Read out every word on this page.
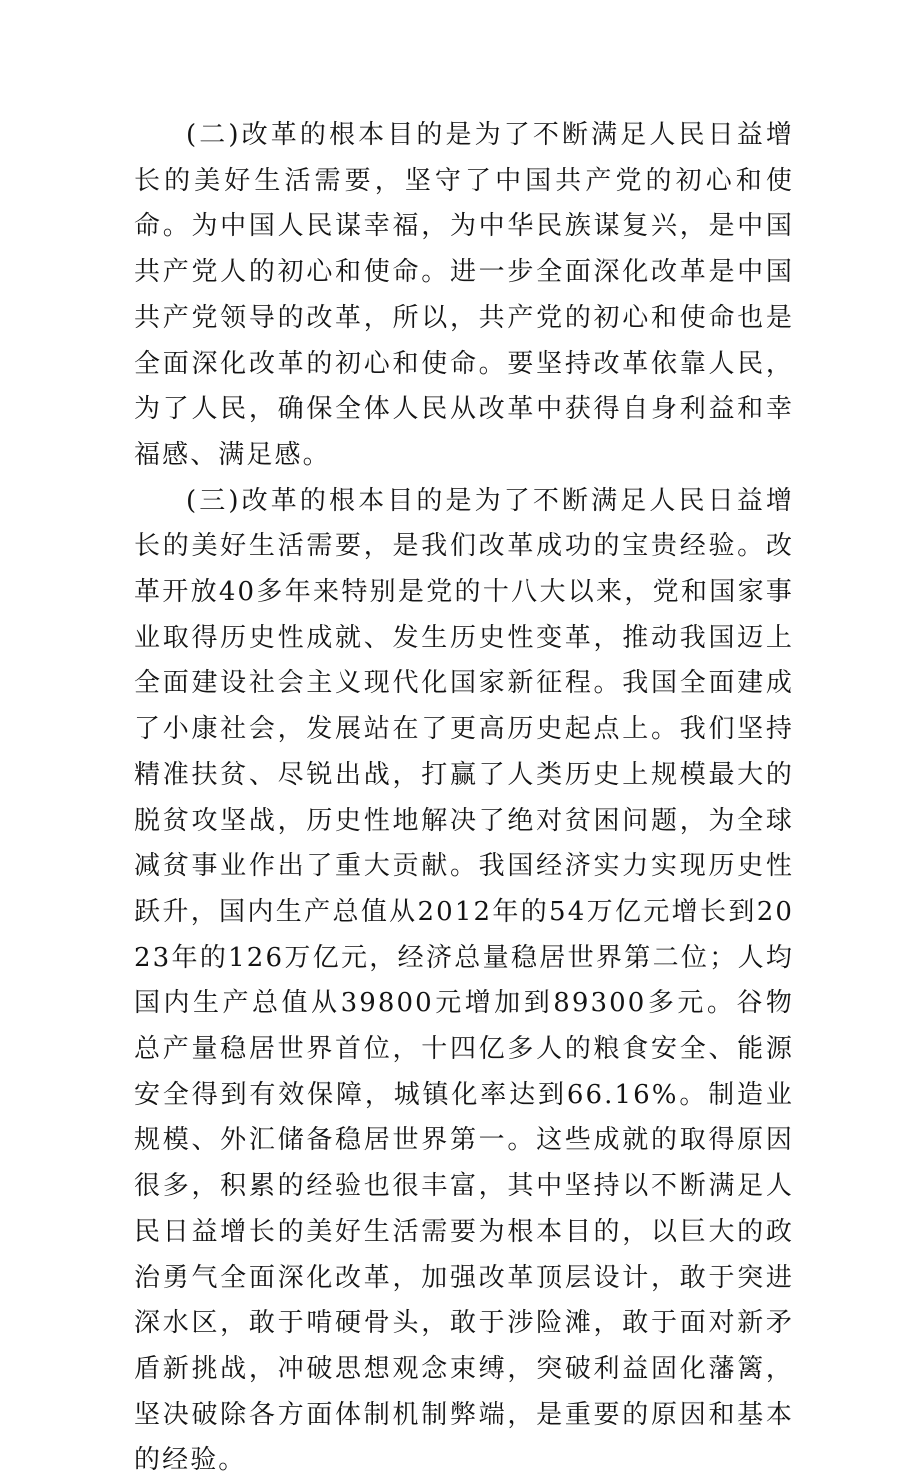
(二)改革的根本目的是为了不断满足人民日益增长的美好生活需要，坚守了中国共产党的初心和使命。为中国人民谋幸福，为中华民族谋复兴，是中国共产党人的初心和使命。进一步全面深化改革是中国共产党领导的改革，所以，共产党的初心和使命也是全面深化改革的初心和使命。要坚持改革依靠人民，为了人民，确保全体人民从改革中获得自身利益和幸福感、满足感。

(三)改革的根本目的是为了不断满足人民日益增长的美好生活需要，是我们改革成功的宝贵经验。改革开放40多年来特别是党的十八大以来，党和国家事业取得历史性成就、发生历史性变革，推动我国迈上全面建设社会主义现代化国家新征程。我国全面建成了小康社会，发展站在了更高历史起点上。我们坚持精准扶贫、尽锐出战，打赢了人类历史上规模最大的脱贫攻坚战，历史性地解决了绝对贫困问题，为全球减贫事业作出了重大贡献。我国经济实力实现历史性跃升，国内生产总值从2012年的54万亿元增长到2023年的126万亿元，经济总量稳居世界第二位；人均国内生产总值从39800元增加到89300多元。谷物总产量稳居世界首位，十四亿多人的粮食安全、能源安全得到有效保障，城镇化率达到66.16%。制造业规模、外汇储备稳居世界第一。这些成就的取得原因很多，积累的经验也很丰富，其中坚持以不断满足人民日益增长的美好生活需要为根本目的，以巨大的政治勇气全面深化改革，加强改革顶层设计，敢于突进深水区，敢于啃硬骨头，敢于涉险滩，敢于面对新矛盾新挑战，冲破思想观念束缚，突破利益固化藩篱，坚决破除各方面体制机制弊端，是重要的原因和基本的经验。
